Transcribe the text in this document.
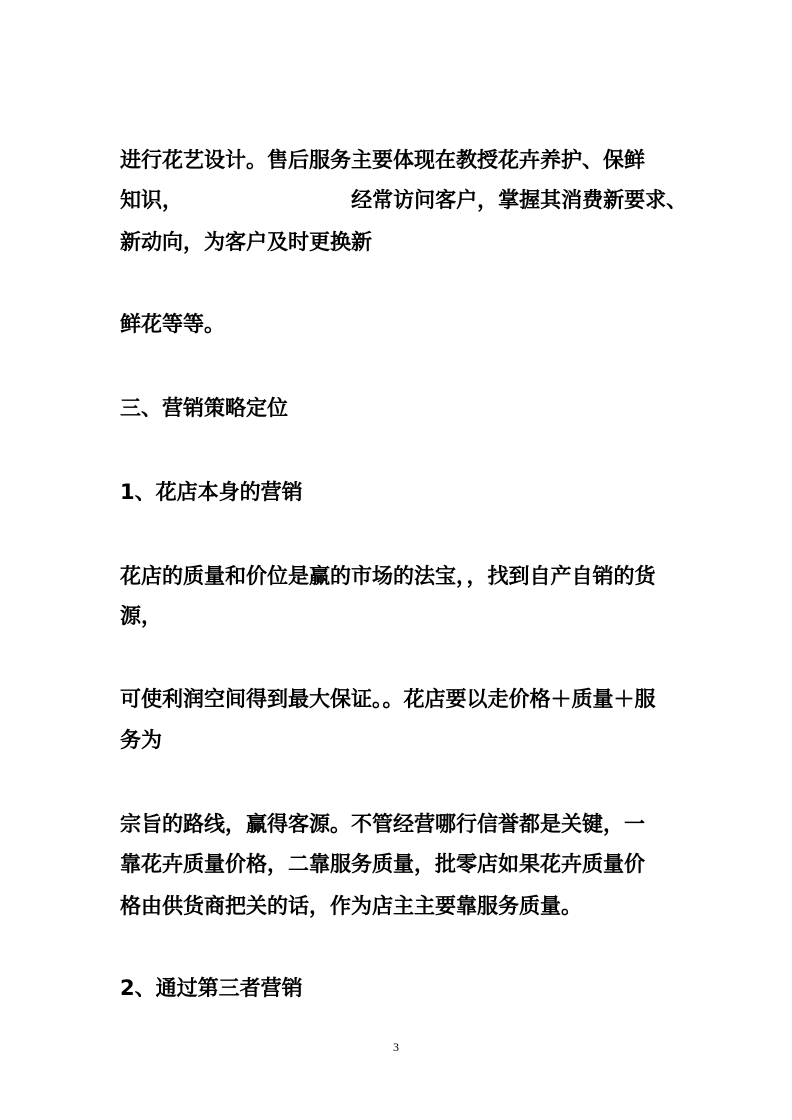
进行花艺设计。售后服务主要体现在教授花卉养护、保鲜

知识，                       经常访问客户，掌握其消费新要求、

新动向，为客户及时更换新

鲜花等等。

三、营销策略定位

1、花店本身的营销

花店的质量和价位是赢的市场的法宝，，找到自产自销的货

源，

可使利润空间得到最大保证。。花店要以走价格＋质量＋服

务为

宗旨的路线，赢得客源。不管经营哪行信誉都是关键，一

靠花卉质量价格，二靠服务质量，批零店如果花卉质量价

格由供货商把关的话，作为店主主要靠服务质量。

2、通过第三者营销

3
